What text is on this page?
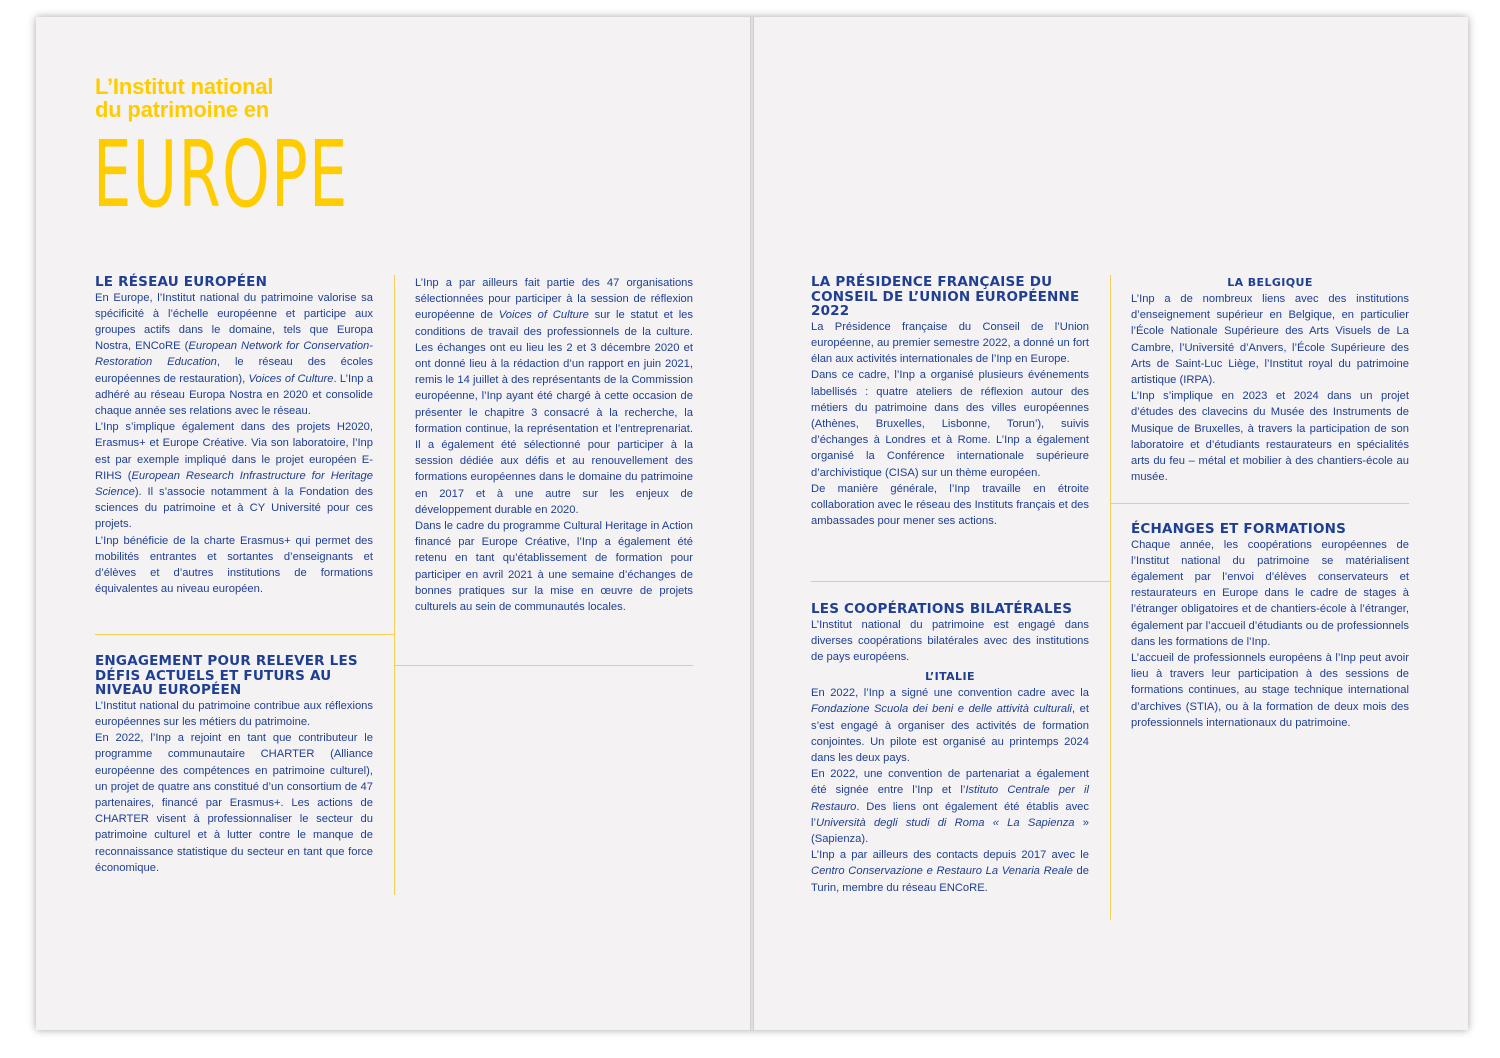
L’Institut national
du patrimoine en
EUROPE
LE RÉSEAU EUROPÉEN

En Europe, l’Institut national du patrimoine valorise sa spécificité à l’échelle européenne et participe aux groupes actifs dans le domaine, tels que Europa Nostra, ENCoRE (European Network for Conservation-Restoration Education, le réseau des écoles européennes de restauration), Voices of Culture. L’Inp a adhéré au réseau Europa Nostra en 2020 et consolide chaque année ses relations avec le réseau.

L’Inp s’implique également dans des projets H2020, Erasmus+ et Europe Créative. Via son laboratoire, l’Inp est par exemple impliqué dans le projet européen E-RIHS (European Research Infrastructure for Heritage Science). Il s’associe notamment à la Fondation des sciences du patrimoine et à CY Université pour ces projets.

L’Inp bénéficie de la charte Erasmus+ qui permet des mobilités entrantes et sortantes d’enseignants et d’élèves et d’autres institutions de formations équivalentes au niveau européen.

ENGAGEMENT POUR RELEVER LES DÉFIS ACTUELS ET FUTURS AU NIVEAU EUROPÉEN

L’Institut national du patrimoine contribue aux réflexions européennes sur les métiers du patrimoine.

En 2022, l’Inp a rejoint en tant que contributeur le programme communautaire CHARTER (Alliance européenne des compétences en patrimoine culturel), un projet de quatre ans constitué d’un consortium de 47 partenaires, financé par Erasmus+. Les actions de CHARTER visent à professionnaliser le secteur du patrimoine culturel et à lutter contre le manque de reconnaissance statistique du secteur en tant que force économique.

L’Inp a par ailleurs fait partie des 47 organisations sélectionnées pour participer à la session de réflexion européenne de Voices of Culture sur le statut et les conditions de travail des professionnels de la culture. Les échanges ont eu lieu les 2 et 3 décembre 2020 et ont donné lieu à la rédaction d’un rapport en juin 2021, remis le 14 juillet à des représentants de la Commission européenne, l’Inp ayant été chargé à cette occasion de présenter le chapitre 3 consacré à la recherche, la formation continue, la représentation et l’entreprenariat. Il a également été sélectionné pour participer à la session dédiée aux défis et au renouvellement des formations européennes dans le domaine du patrimoine en 2017 et à une autre sur les enjeux de développement durable en 2020.

Dans le cadre du programme Cultural Heritage in Action financé par Europe Créative, l’Inp a également été retenu en tant qu’établissement de formation pour participer en avril 2021 à une semaine d’échanges de bonnes pratiques sur la mise en œuvre de projets culturels au sein de communautés locales.

LA PRÉSIDENCE FRANÇAISE DU CONSEIL DE L’UNION EUROPÉENNE 2022

La Présidence française du Conseil de l’Union européenne, au premier semestre 2022, a donné un fort élan aux activités internationales de l’Inp en Europe.

Dans ce cadre, l’Inp a organisé plusieurs événements labellisés : quatre ateliers de réflexion autour des métiers du patrimoine dans des villes européennes (Athènes, Bruxelles, Lisbonne, Torun’), suivis d’échanges à Londres et à Rome. L’Inp a également organisé la Conférence internationale supérieure d’archivistique (CISA) sur un thème européen.

De manière générale, l’Inp travaille en étroite collaboration avec le réseau des Instituts français et des ambassades pour mener ses actions.

LES COOPÉRATIONS BILATÉRALES

L’Institut national du patrimoine est engagé dans diverses coopérations bilatérales avec des institutions de pays européens.

L’ITALIE

En 2022, l’Inp a signé une convention cadre avec la Fondazione Scuola dei beni e delle attività culturali, et s’est engagé à organiser des activités de formation conjointes. Un pilote est organisé au printemps 2024 dans les deux pays.

En 2022, une convention de partenariat a également été signée entre l’Inp et l’Istituto Centrale per il Restauro. Des liens ont également été établis avec l’Università degli studi di Roma « La Sapienza » (Sapienza).

L’Inp a par ailleurs des contacts depuis 2017 avec le Centro Conservazione e Restauro La Venaria Reale de Turin, membre du réseau ENCoRE.

LA BELGIQUE

L’Inp a de nombreux liens avec des institutions d’enseignement supérieur en Belgique, en particulier l’École Nationale Supérieure des Arts Visuels de La Cambre, l’Université d’Anvers, l’École Supérieure des Arts de Saint-Luc Liège, l’Institut royal du patrimoine artistique (IRPA).

L’Inp s’implique en 2023 et 2024 dans un projet d’études des clavecins du Musée des Instruments de Musique de Bruxelles, à travers la participation de son laboratoire et d’étudiants restaurateurs en spécialités arts du feu – métal et mobilier à des chantiers-école au musée.

ÉCHANGES ET FORMATIONS

Chaque année, les coopérations européennes de l’Institut national du patrimoine se matérialisent également par l’envoi d’élèves conservateurs et restaurateurs en Europe dans le cadre de stages à l’étranger obligatoires et de chantiers-école à l’étranger, également par l’accueil d’étudiants ou de professionnels dans les formations de l’Inp.

L’accueil de professionnels européens à l’Inp peut avoir lieu à travers leur participation à des sessions de formations continues, au stage technique international d’archives (STIA), ou à la formation de deux mois des professionnels internationaux du patrimoine.
